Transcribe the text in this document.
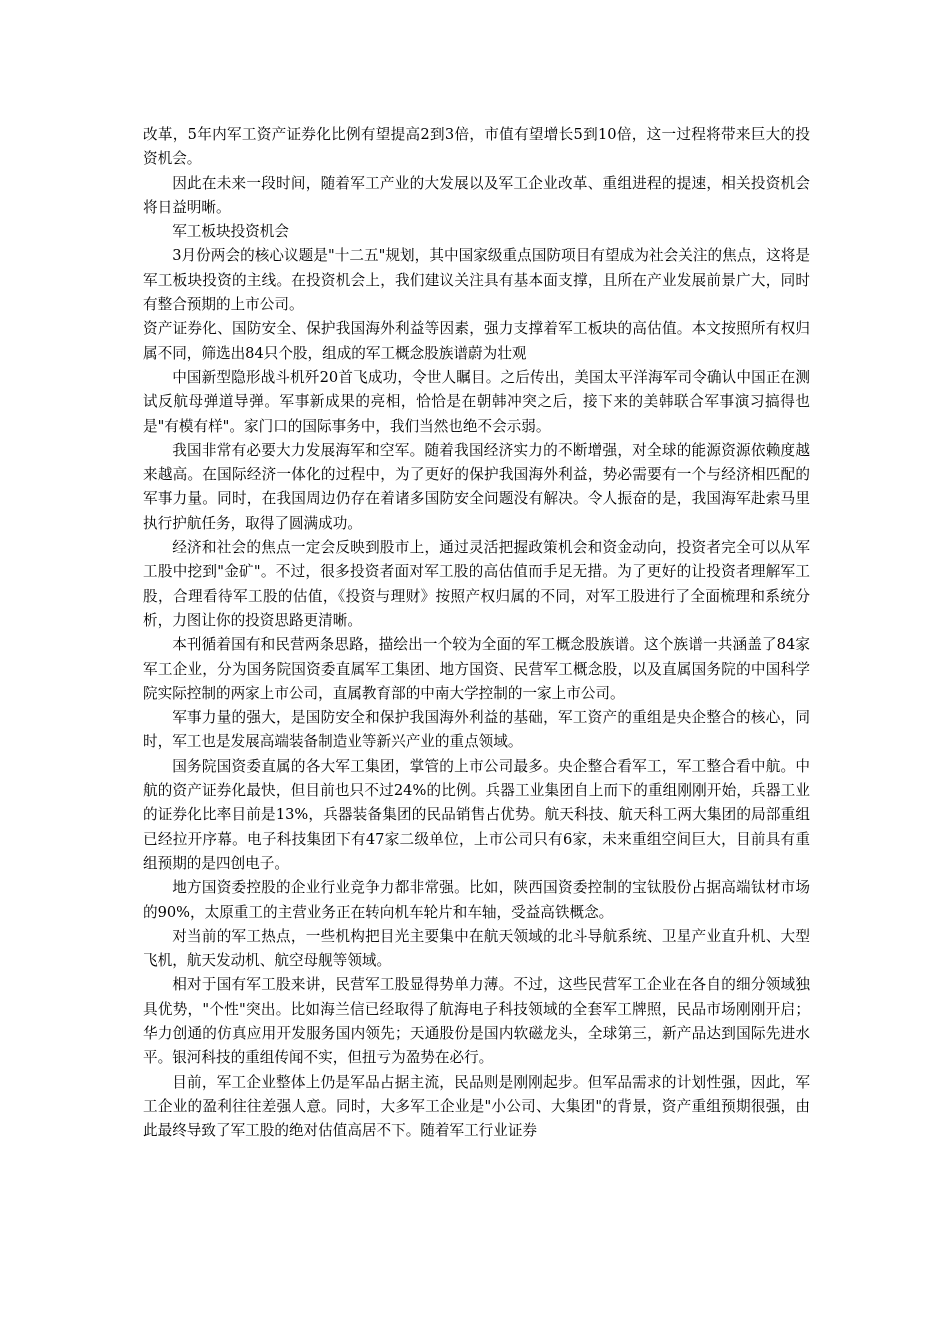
改革，5年内军工资产证券化比例有望提高2到3倍，市值有望增长5到10倍，这一过程将带来巨大的投资机会。

因此在未来一段时间，随着军工产业的大发展以及军工企业改革、重组进程的提速，相关投资机会将日益明晰。

军工板块投资机会

3月份两会的核心议题是"十二五"规划，其中国家级重点国防项目有望成为社会关注的焦点，这将是军工板块投资的主线。在投资机会上，我们建议关注具有基本面支撑，且所在产业发展前景广大，同时有整合预期的上市公司。

资产证券化、国防安全、保护我国海外利益等因素，强力支撑着军工板块的高估值。本文按照所有权归属不同，筛选出84只个股，组成的军工概念股族谱蔚为壮观

中国新型隐形战斗机歼20首飞成功，令世人瞩目。之后传出，美国太平洋海军司令确认中国正在测试反航母弹道导弹。军事新成果的亮相，恰恰是在朝韩冲突之后，接下来的美韩联合军事演习搞得也是"有模有样"。家门口的国际事务中，我们当然也绝不会示弱。

我国非常有必要大力发展海军和空军。随着我国经济实力的不断增强，对全球的能源资源依赖度越来越高。在国际经济一体化的过程中，为了更好的保护我国海外利益，势必需要有一个与经济相匹配的军事力量。同时，在我国周边仍存在着诸多国防安全问题没有解决。令人振奋的是，我国海军赴索马里执行护航任务，取得了圆满成功。

经济和社会的焦点一定会反映到股市上，通过灵活把握政策机会和资金动向，投资者完全可以从军工股中挖到"金矿"。不过，很多投资者面对军工股的高估值而手足无措。为了更好的让投资者理解军工股，合理看待军工股的估值，《投资与理财》按照产权归属的不同，对军工股进行了全面梳理和系统分析，力图让你的投资思路更清晰。

本刊循着国有和民营两条思路，描绘出一个较为全面的军工概念股族谱。这个族谱一共涵盖了84家军工企业，分为国务院国资委直属军工集团、地方国资、民营军工概念股，以及直属国务院的中国科学院实际控制的两家上市公司，直属教育部的中南大学控制的一家上市公司。

军事力量的强大，是国防安全和保护我国海外利益的基础，军工资产的重组是央企整合的核心，同时，军工也是发展高端装备制造业等新兴产业的重点领域。

国务院国资委直属的各大军工集团，掌管的上市公司最多。央企整合看军工，军工整合看中航。中航的资产证券化最快，但目前也只不过24%的比例。兵器工业集团自上而下的重组刚刚开始，兵器工业的证券化比率目前是13%，兵器装备集团的民品销售占优势。航天科技、航天科工两大集团的局部重组已经拉开序幕。电子科技集团下有47家二级单位，上市公司只有6家，未来重组空间巨大，目前具有重组预期的是四创电子。

地方国资委控股的企业行业竞争力都非常强。比如，陕西国资委控制的宝钛股份占据高端钛材市场的90%，太原重工的主营业务正在转向机车轮片和车轴，受益高铁概念。

对当前的军工热点，一些机构把目光主要集中在航天领域的北斗导航系统、卫星产业直升机、大型飞机，航天发动机、航空母舰等领域。

相对于国有军工股来讲，民营军工股显得势单力薄。不过，这些民营军工企业在各自的细分领域独具优势，"个性"突出。比如海兰信已经取得了航海电子科技领域的全套军工牌照，民品市场刚刚开启；华力创通的仿真应用开发服务国内领先；天通股份是国内软磁龙头，全球第三，新产品达到国际先进水平。银河科技的重组传闻不实，但扭亏为盈势在必行。

目前，军工企业整体上仍是军品占据主流，民品则是刚刚起步。但军品需求的计划性强，因此，军工企业的盈利往往差强人意。同时，大多军工企业是"小公司、大集团"的背景，资产重组预期很强，由此最终导致了军工股的绝对估值高居不下。随着军工行业证券
